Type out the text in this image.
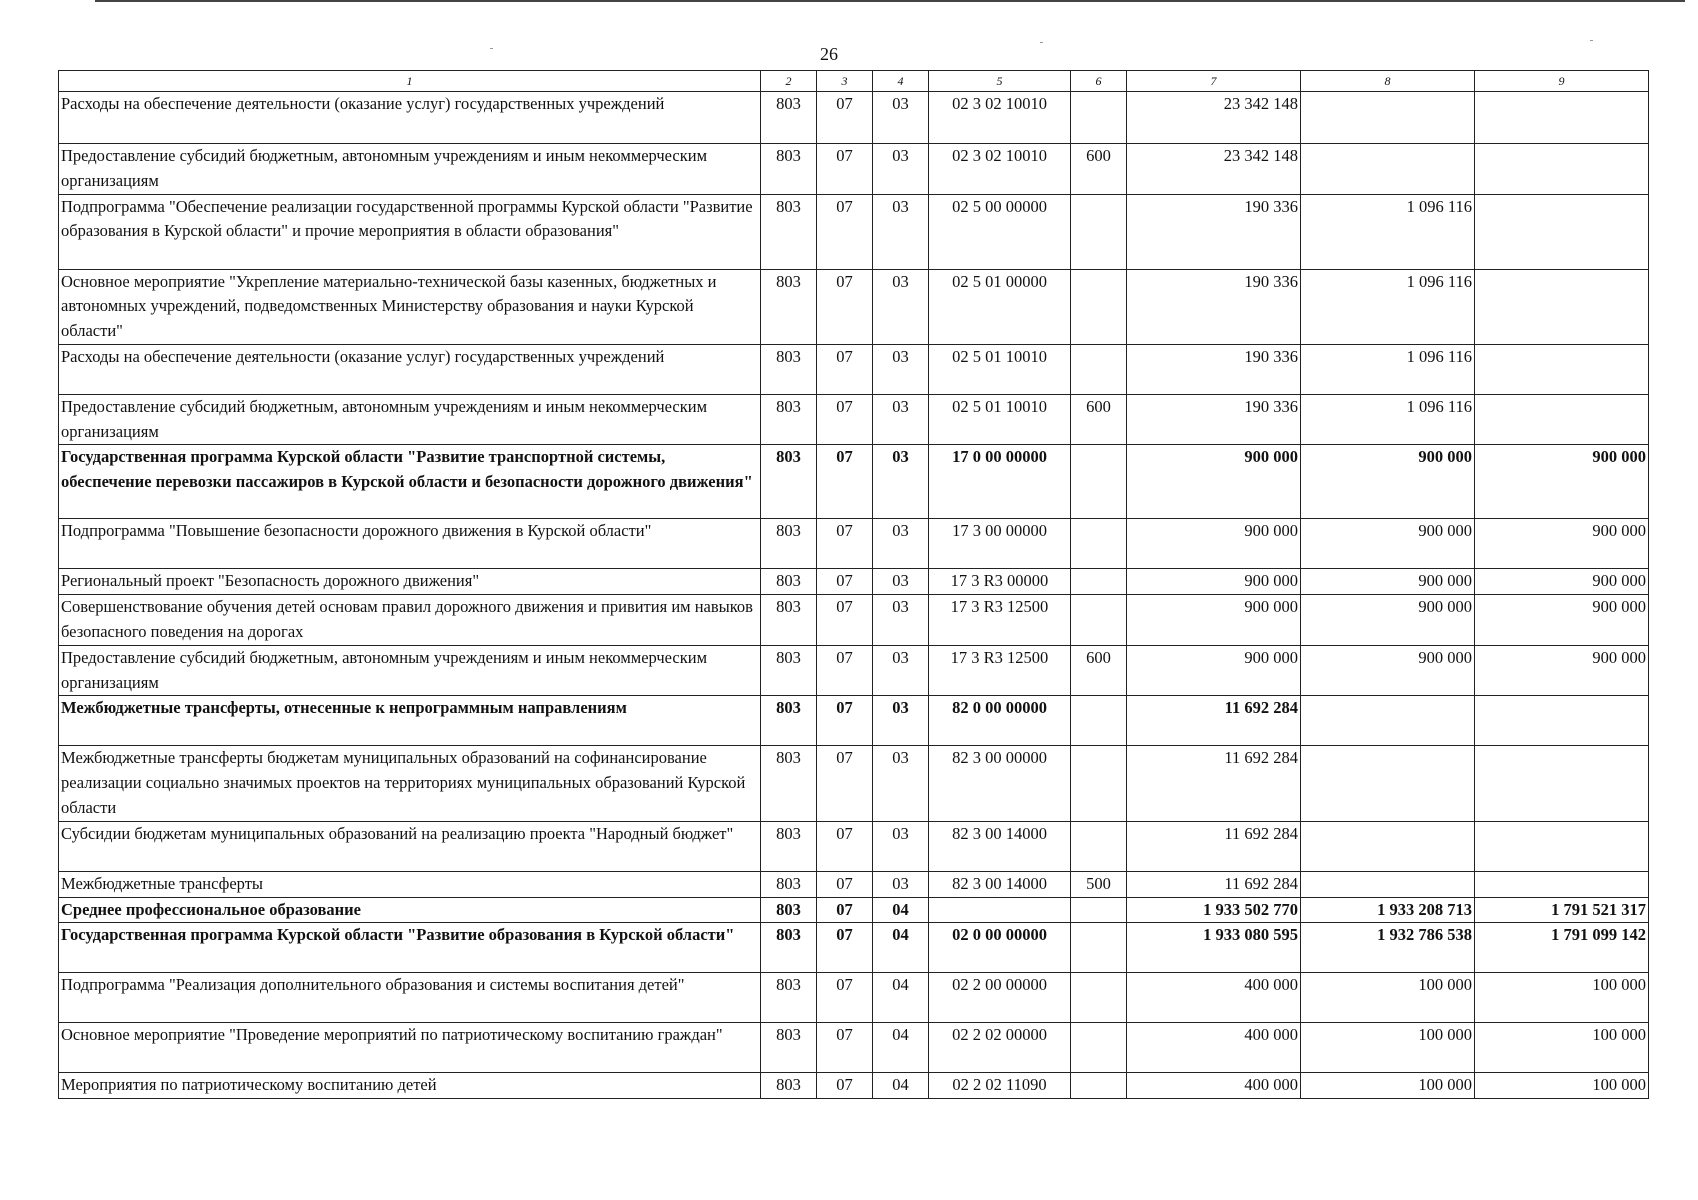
26
1	2	3	4	5	6	7	8	9
Расходы на обеспечение деятельности (оказание услуг) государственных учреждений	803	07	03	02 3 02 10010		23 342 148		
Предоставление субсидий бюджетным, автономным учреждениям и иным некоммерческим организациям	803	07	03	02 3 02 10010	600	23 342 148		
Подпрограмма "Обеспечение реализации государственной программы Курской области "Развитие образования в Курской области" и прочие мероприятия в области образования"	803	07	03	02 5 00 00000		190 336	1 096 116	
Основное мероприятие "Укрепление материально-технической базы казенных, бюджетных и автономных учреждений, подведомственных Министерству образования и науки Курской области"	803	07	03	02 5 01 00000		190 336	1 096 116	
Расходы на обеспечение деятельности (оказание услуг) государственных учреждений	803	07	03	02 5 01 10010		190 336	1 096 116	
Предоставление субсидий бюджетным, автономным учреждениям и иным некоммерческим организациям	803	07	03	02 5 01 10010	600	190 336	1 096 116	
Государственная программа Курской области "Развитие транспортной системы, обеспечение перевозки пассажиров в Курской области и безопасности дорожного движения"	803	07	03	17 0 00 00000		900 000	900 000	900 000
Подпрограмма "Повышение безопасности дорожного движения в Курской области"	803	07	03	17 3 00 00000		900 000	900 000	900 000
Региональный проект "Безопасность дорожного движения"	803	07	03	17 3 R3 00000		900 000	900 000	900 000
Совершенствование обучения детей основам правил дорожного движения и привития им навыков безопасного поведения на дорогах	803	07	03	17 3 R3 12500		900 000	900 000	900 000
Предоставление субсидий бюджетным, автономным учреждениям и иным некоммерческим организациям	803	07	03	17 3 R3 12500	600	900 000	900 000	900 000
Межбюджетные трансферты, отнесенные к непрограммным направлениям	803	07	03	82 0 00 00000		11 692 284		
Межбюджетные трансферты бюджетам муниципальных образований на софинансирование реализации социально значимых проектов на территориях муниципальных образований Курской области	803	07	03	82 3 00 00000		11 692 284		
Субсидии бюджетам муниципальных образований на реализацию проекта "Народный бюджет"	803	07	03	82 3 00 14000		11 692 284		
Межбюджетные трансферты	803	07	03	82 3 00 14000	500	11 692 284		
Среднее профессиональное образование	803	07	04			1 933 502 770	1 933 208 713	1 791 521 317
Государственная программа Курской области "Развитие образования в Курской области"	803	07	04	02 0 00 00000		1 933 080 595	1 932 786 538	1 791 099 142
Подпрограмма "Реализация дополнительного образования и системы воспитания детей"	803	07	04	02 2 00 00000		400 000	100 000	100 000
Основное мероприятие "Проведение мероприятий по патриотическому воспитанию граждан"	803	07	04	02 2 02 00000		400 000	100 000	100 000
Мероприятия по патриотическому воспитанию детей	803	07	04	02 2 02 11090		400 000	100 000	100 000
